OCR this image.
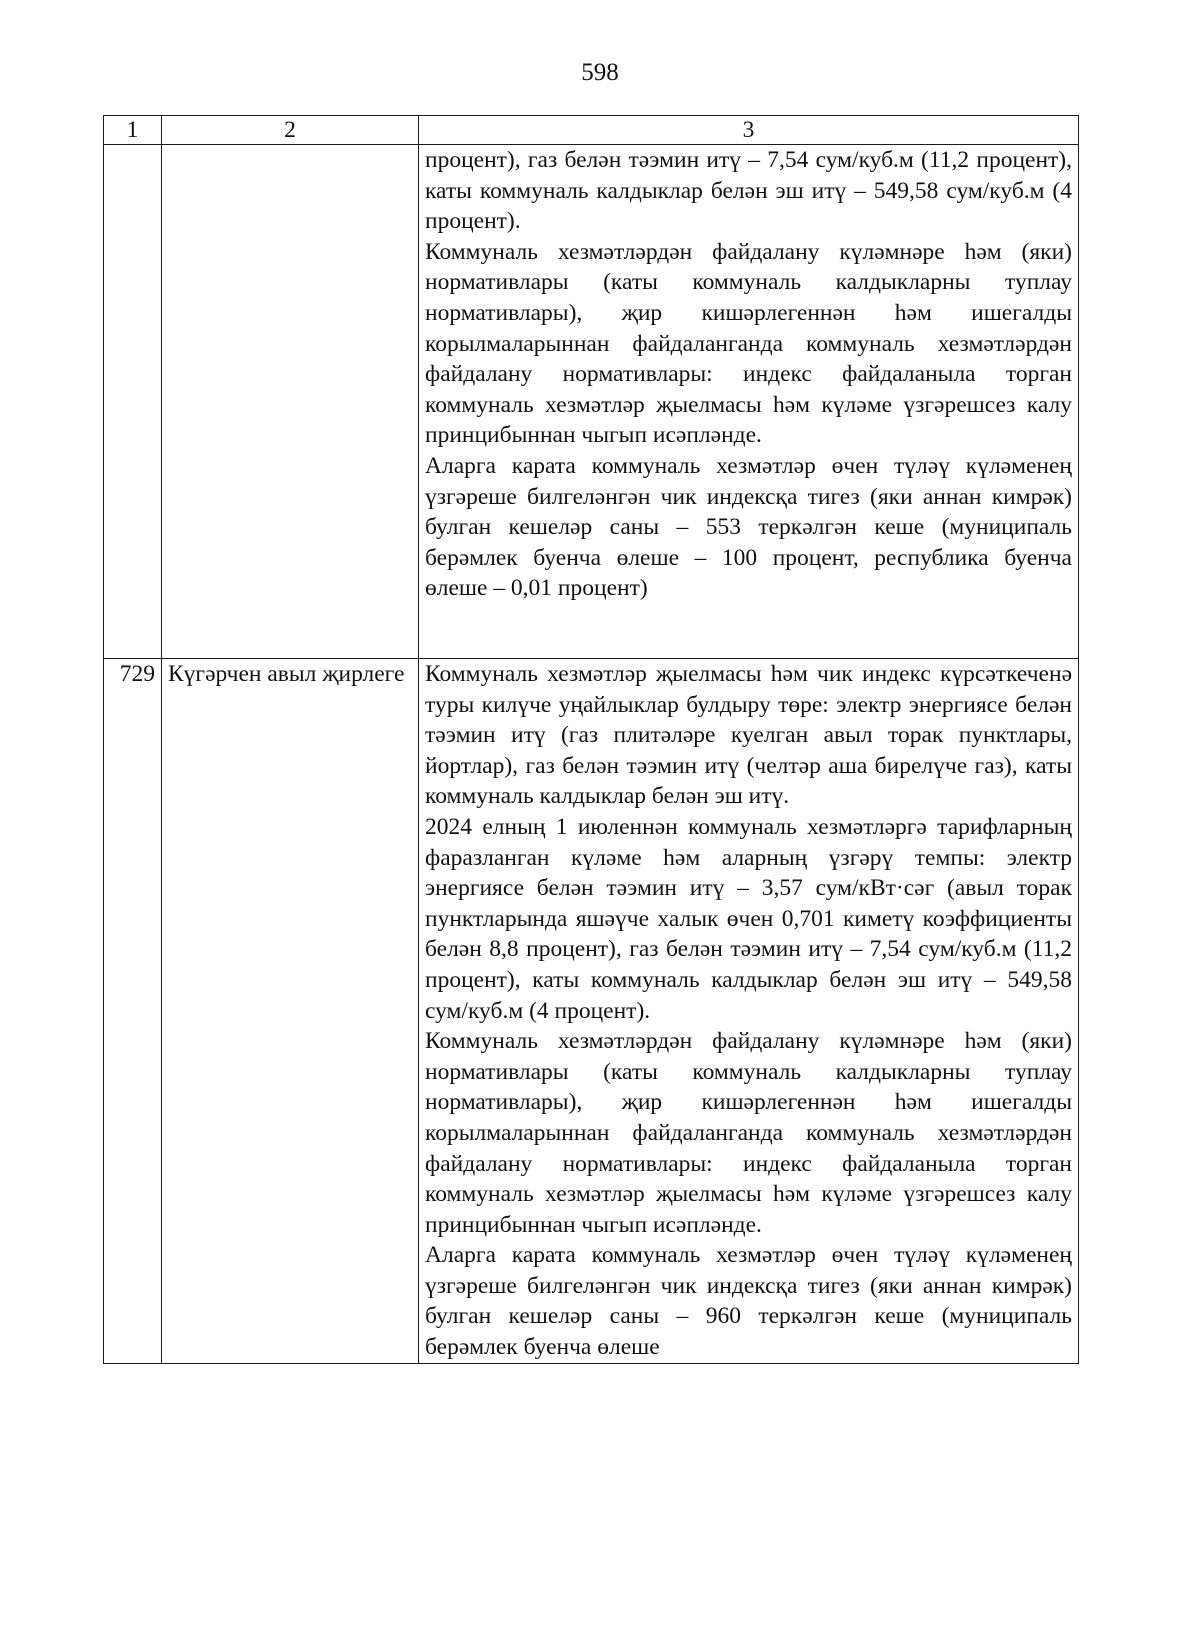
598
1	2	3

		процент), газ белән тәэмин итү – 7,54 сум/куб.м (11,2 процент), каты коммуналь калдыклар белән эш итү – 549,58 сум/куб.м (4 процент).

Коммуналь хезмәтләрдән файдалану күләмнәре һәм (яки) нормативлары (каты коммуналь калдыкларны туплау нормативлары), җир кишәрлегеннән һәм ишегалды корылмаларыннан файдаланганда коммуналь хезмәтләрдән файдалану нормативлары: индекс файдаланыла торган коммуналь хезмәтләр җыелмасы һәм күләме үзгәрешсез калу принцибыннан чыгып исәпләнде.

Аларга карата коммуналь хезмәтләр өчен түләү күләменең үзгәреше билгеләнгән чик индексқа тигез (яки аннан кимрәк) булган кешеләр саны – 553 теркәлгән кеше (муниципаль берәмлек буенча өлеше – 100 процент, республика буенча өлеше – 0,01 процент)

729	Күгәрчен авыл җирлеге	Коммуналь хезмәтләр җыелмасы һәм чик индекс күрсәткеченә туры килүче уңайлыклар булдыру төре: электр энергиясе белән тәэмин итү (газ плитәләре куелган авыл торак пунктлары, йортлар), газ белән тәэмин итү (челтәр аша бирелүче газ), каты коммуналь калдыклар белән эш итү.

2024 елның 1 июленнән коммуналь хезмәтләргә тарифларның фаразланган күләме һәм аларның үзгәрү темпы: электр энергиясе белән тәэмин итү – 3,57 сум/кВт·сәг (авыл торак пунктларында яшәүче халык өчен 0,701 киметү коэффициенты белән 8,8 процент), газ белән тәэмин итү – 7,54 сум/куб.м (11,2 процент), каты коммуналь калдыклар белән эш итү – 549,58 сум/куб.м (4 процент).

Коммуналь хезмәтләрдән файдалану күләмнәре һәм (яки) нормативлары (каты коммуналь калдыкларны туплау нормативлары), җир кишәрлегеннән һәм ишегалды корылмаларыннан файдаланганда коммуналь хезмәтләрдән файдалану нормативлары: индекс файдаланыла торган коммуналь хезмәтләр җыелмасы һәм күләме үзгәрешсез калу принцибыннан чыгып исәпләнде.

Аларга карата коммуналь хезмәтләр өчен түләү күләменең үзгәреше билгеләнгән чик индексқа тигез (яки аннан кимрәк) булган кешеләр саны – 960 теркәлгән кеше (муниципаль берәмлек буенча өлеше
